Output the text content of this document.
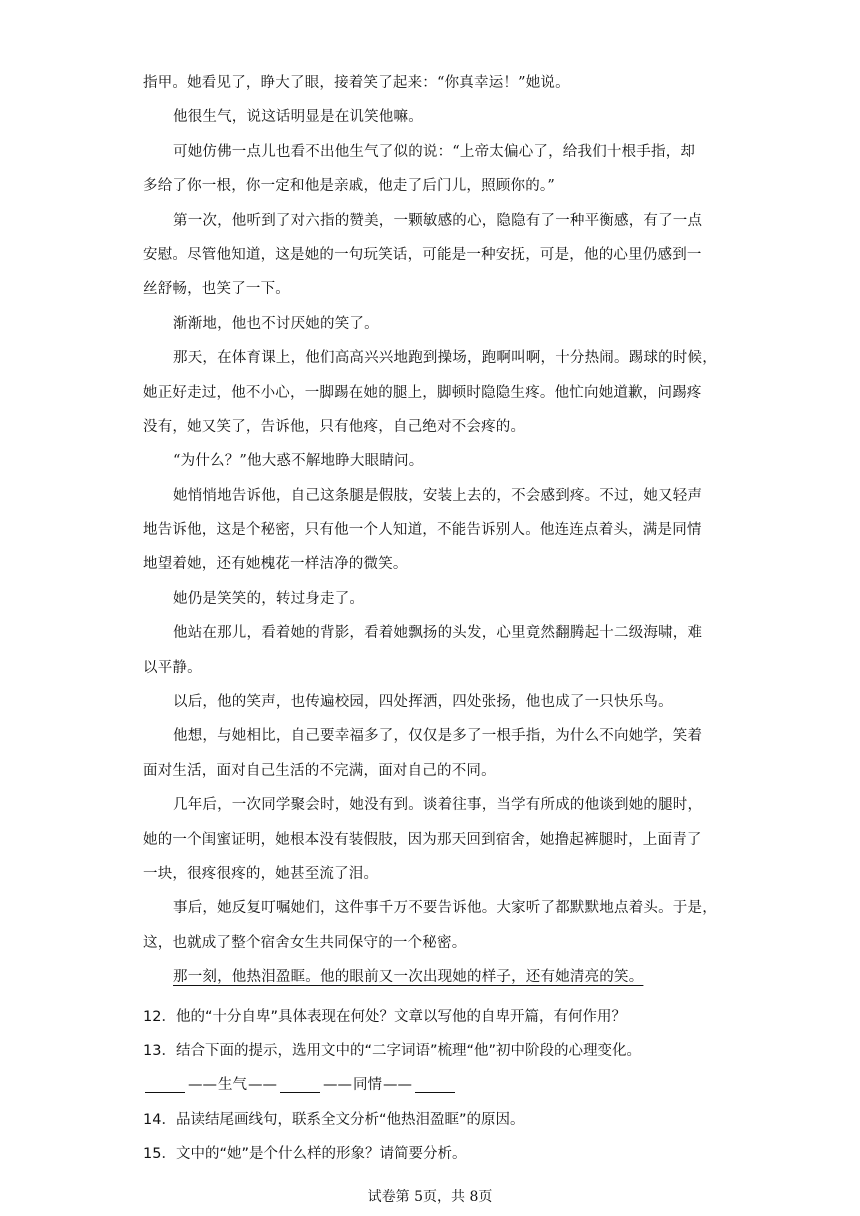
指甲。她看见了，睁大了眼，接着笑了起来：“你真幸运！”她说。
他很生气，说这话明显是在讥笑他嘛。
可她仿佛一点儿也看不出他生气了似的说：“上帝太偏心了，给我们十根手指，却
多给了你一根，你一定和他是亲戚，他走了后门儿，照顾你的。”
第一次，他听到了对六指的赞美，一颗敏感的心，隐隐有了一种平衡感，有了一点
安慰。尽管他知道，这是她的一句玩笑话，可能是一种安抚，可是，他的心里仍感到一
丝舒畅，也笑了一下。
渐渐地，他也不讨厌她的笑了。
那天，在体育课上，他们高高兴兴地跑到操场，跑啊叫啊，十分热闹。踢球的时候，
她正好走过，他不小心，一脚踢在她的腿上，脚顿时隐隐生疼。他忙向她道歉，问踢疼
没有，她又笑了，告诉他，只有他疼，自己绝对不会疼的。
“为什么？”他大惑不解地睁大眼睛问。
她悄悄地告诉他，自己这条腿是假肢，安装上去的，不会感到疼。不过，她又轻声
地告诉他，这是个秘密，只有他一个人知道，不能告诉别人。他连连点着头，满是同情
地望着她，还有她槐花一样洁净的微笑。
她仍是笑笑的，转过身走了。
他站在那儿，看着她的背影，看着她飘扬的头发，心里竟然翻腾起十二级海啸，难
以平静。
以后，他的笑声，也传遍校园，四处挥洒，四处张扬，他也成了一只快乐鸟。
他想，与她相比，自己要幸福多了，仅仅是多了一根手指，为什么不向她学，笑着
面对生活，面对自己生活的不完满，面对自己的不同。
几年后，一次同学聚会时，她没有到。谈着往事，当学有所成的他谈到她的腿时，
她的一个闺蜜证明，她根本没有装假肢，因为那天回到宿舍，她撸起裤腿时，上面青了
一块，很疼很疼的，她甚至流了泪。
事后，她反复叮嘱她们，这件事千万不要告诉他。大家听了都默默地点着头。于是，
这，也就成了整个宿舍女生共同保守的一个秘密。
那一刻，他热泪盈眶。他的眼前又一次出现她的样子，还有她清亮的笑。
12．他的“十分自卑”具体表现在何处？文章以写他的自卑开篇，有何作用？
13．结合下面的提示，选用文中的“二字词语”梳理“他”初中阶段的心理变化。
—— 生气 ——	—— 同情 ——
14．品读结尾画线句，联系全文分析“他热泪盈眶”的原因。
15．文中的“她”是个什么样的形象？请简要分析。
试卷第 5页，共 8页
